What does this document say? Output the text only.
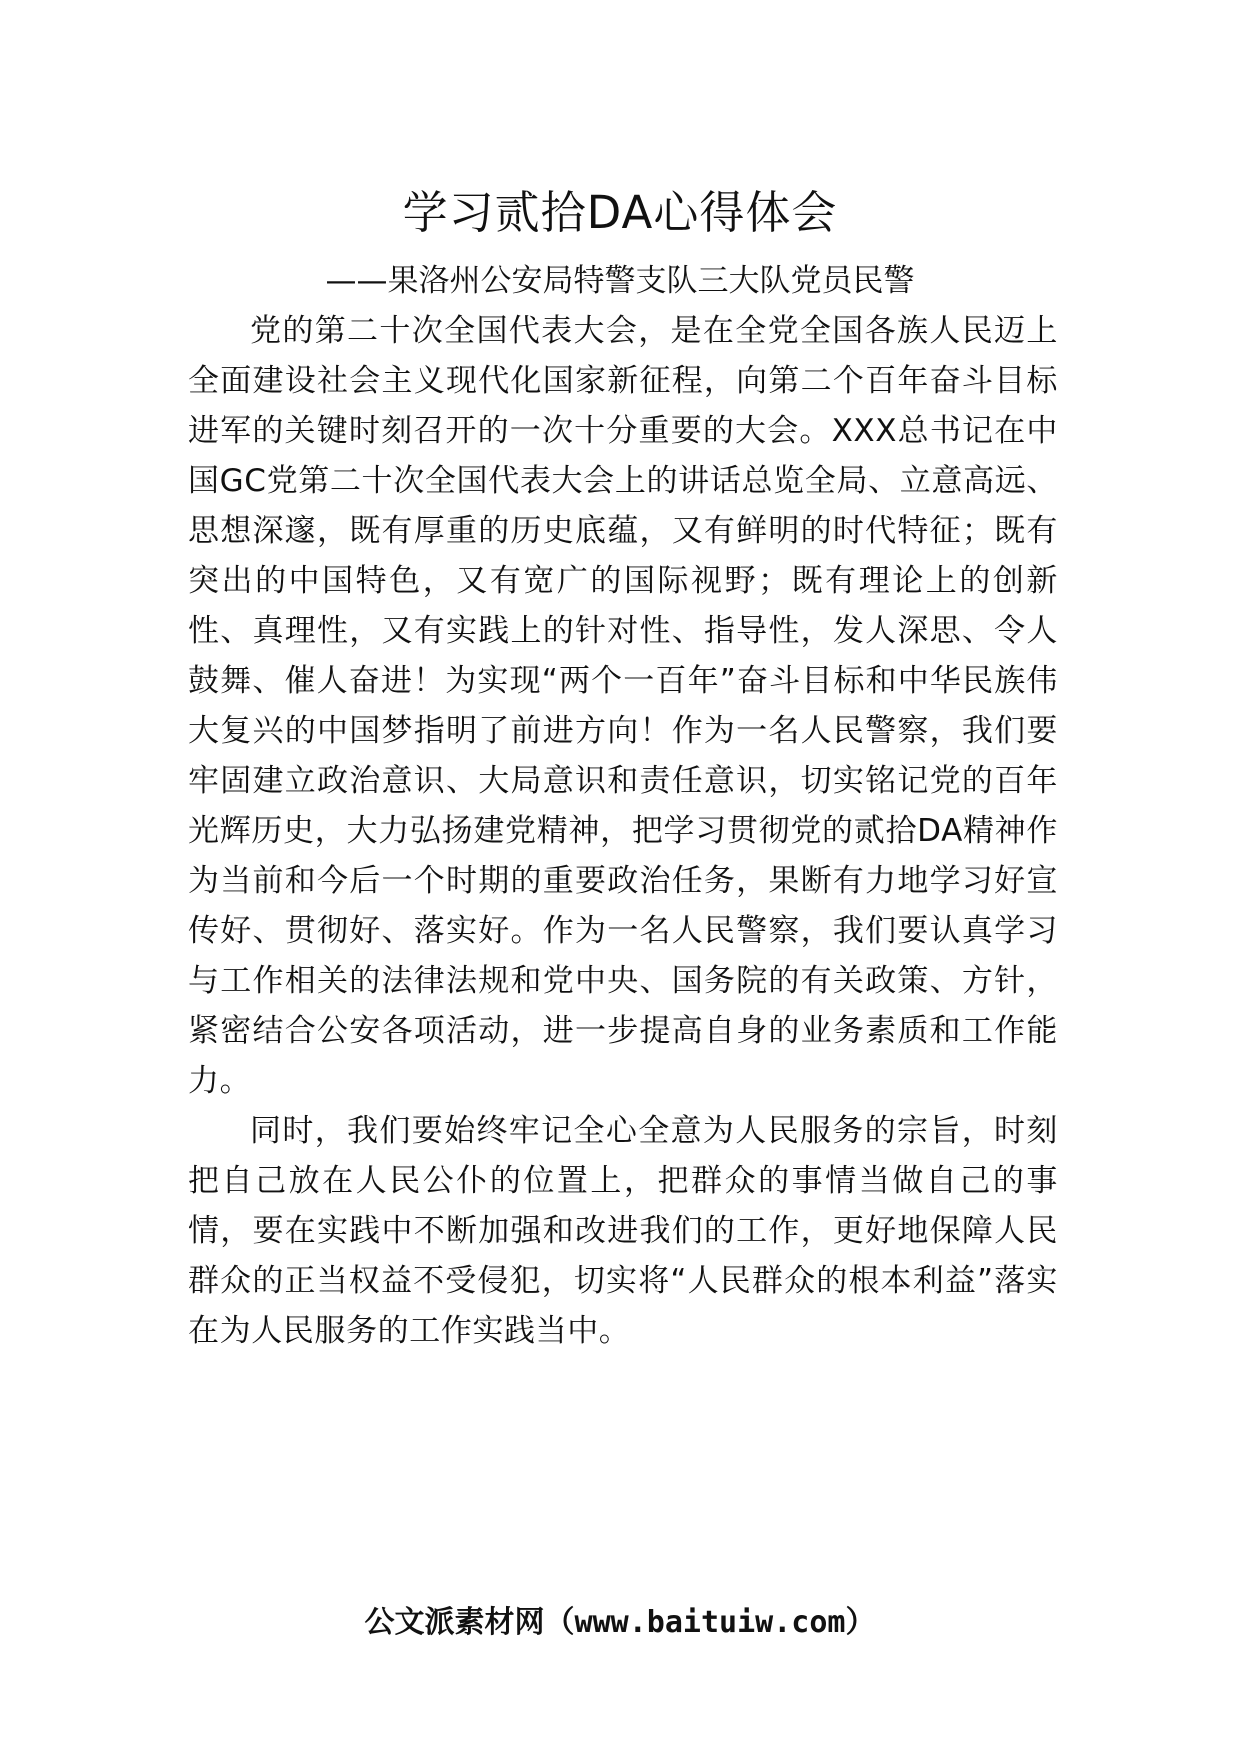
学习贰拾DA心得体会
——果洛州公安局特警支队三大队党员民警

党的第二十次全国代表大会，是在全党全国各族人民迈上全面建设社会主义现代化国家新征程，向第二个百年奋斗目标进军的关键时刻召开的一次十分重要的大会。XXX总书记在中国GC党第二十次全国代表大会上的讲话总览全局、立意高远、思想深邃，既有厚重的历史底蕴，又有鲜明的时代特征；既有突出的中国特色，又有宽广的国际视野；既有理论上的创新性、真理性，又有实践上的针对性、指导性，发人深思、令人鼓舞、催人奋进！为实现“两个一百年”奋斗目标和中华民族伟大复兴的中国梦指明了前进方向！作为一名人民警察，我们要牢固建立政治意识、大局意识和责任意识，切实铭记党的百年光辉历史，大力弘扬建党精神，把学习贯彻党的贰拾DA精神作为当前和今后一个时期的重要政治任务，果断有力地学习好宣传好、贯彻好、落实好。作为一名人民警察，我们要认真学习与工作相关的法律法规和党中央、国务院的有关政策、方针，紧密结合公安各项活动，进一步提高自身的业务素质和工作能力。

同时，我们要始终牢记全心全意为人民服务的宗旨，时刻把自己放在人民公仆的位置上，把群众的事情当做自己的事情，要在实践中不断加强和改进我们的工作，更好地保障人民群众的正当权益不受侵犯，切实将“人民群众的根本利益”落实在为人民服务的工作实践当中。

公文派素材网（www.baituiw.com）
